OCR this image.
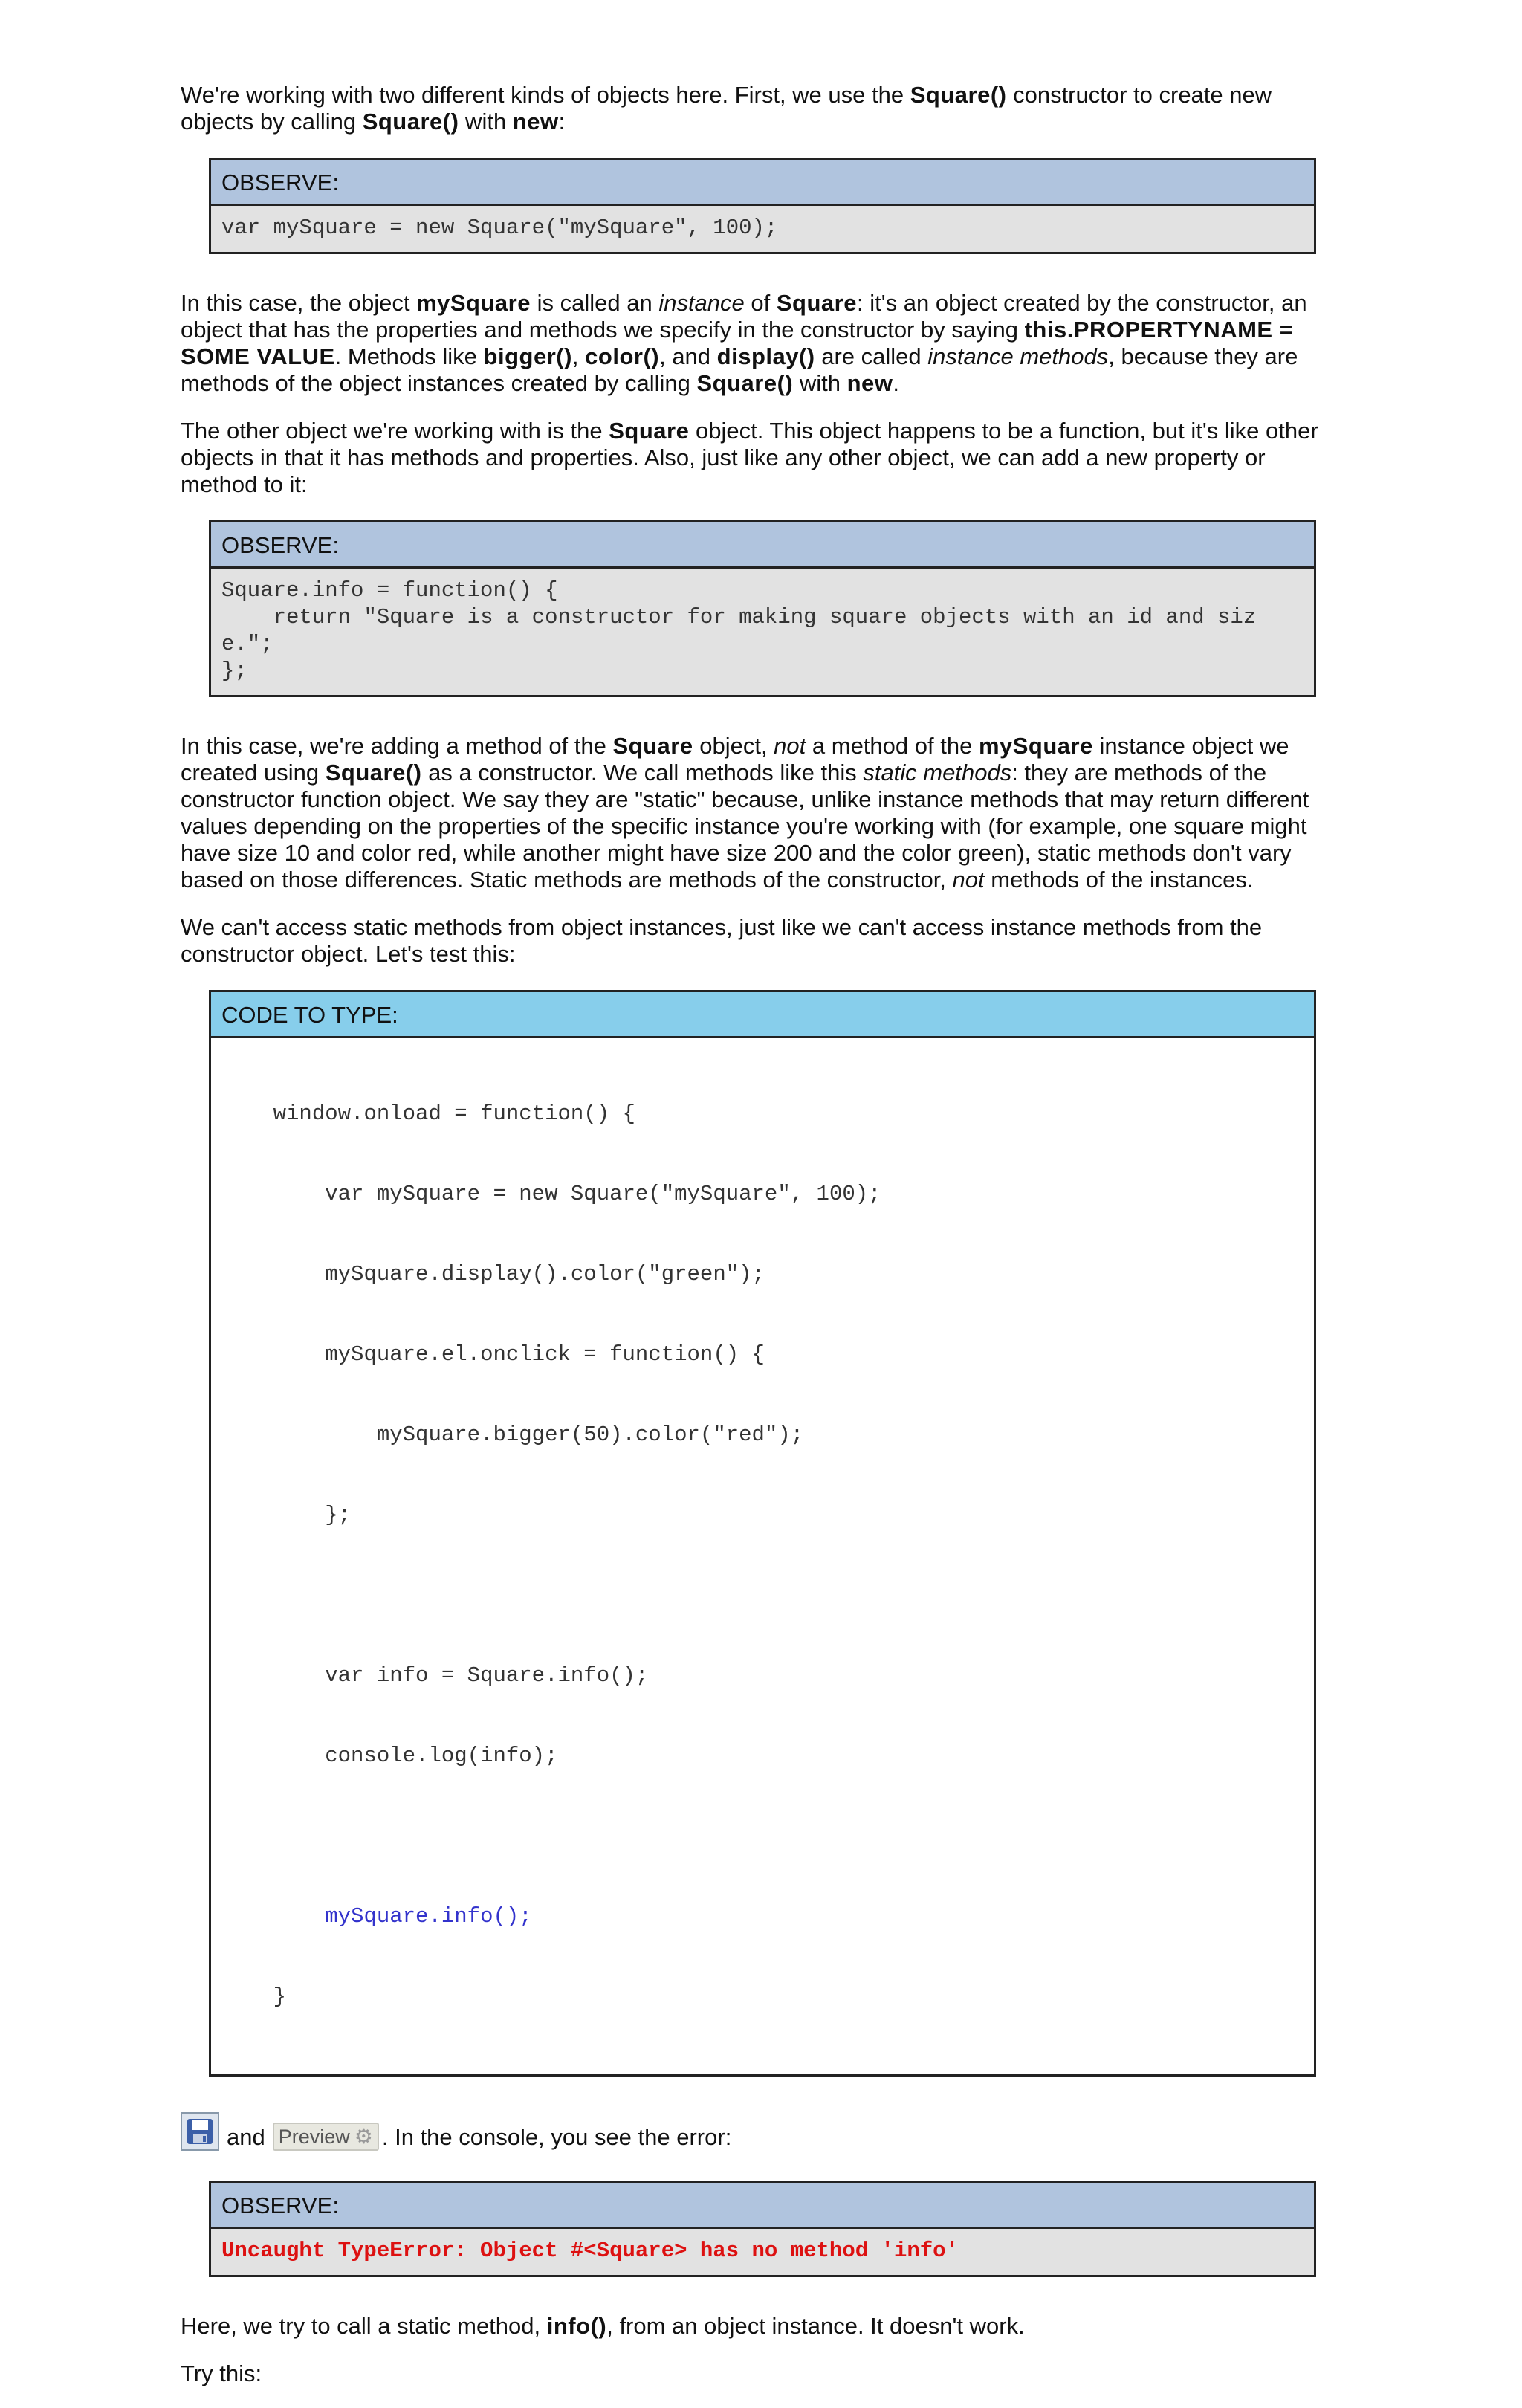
We're working with two different kinds of objects here. First, we use the Square() constructor to create new objects by calling Square() with new:

OBSERVE:
var mySquare = new Square("mySquare", 100);

In this case, the object mySquare is called an instance of Square: it's an object created by the constructor, an object that has the properties and methods we specify in the constructor by saying this.PROPERTYNAME = SOME VALUE. Methods like bigger(), color(), and display() are called instance methods, because they are methods of the object instances created by calling Square() with new.

The other object we're working with is the Square object. This object happens to be a function, but it's like other objects in that it has methods and properties. Also, just like any other object, we can add a new property or method to it:

OBSERVE:
Square.info = function() {
return "Square is a constructor for making square objects with an id and size.";
};

In this case, we're adding a method of the Square object, not a method of the mySquare instance object we created using Square() as a constructor. We call methods like this static methods: they are methods of the constructor function object. We say they are "static" because, unlike instance methods that may return different values depending on the properties of the specific instance you're working with (for example, one square might have size 10 and color red, while another might have size 200 and the color green), static methods don't vary based on those differences. Static methods are methods of the constructor, not methods of the instances.

We can't access static methods from object instances, just like we can't access instance methods from the constructor object. Let's test this:

CODE TO TYPE:

window.onload = function() {

var mySquare = new Square("mySquare", 100);

mySquare.display().color("green");

mySquare.el.onclick = function() {

mySquare.bigger(50).color("red");

};

var info = Square.info();

console.log(info);

mySquare.info();

}

and Preview ⚙ . In the console, you see the error:
OBSERVE:
Uncaught TypeError: Object #<Square> has no method 'info'

Here, we try to call a static method, info(), from an object instance. It doesn't work.

Try this:
